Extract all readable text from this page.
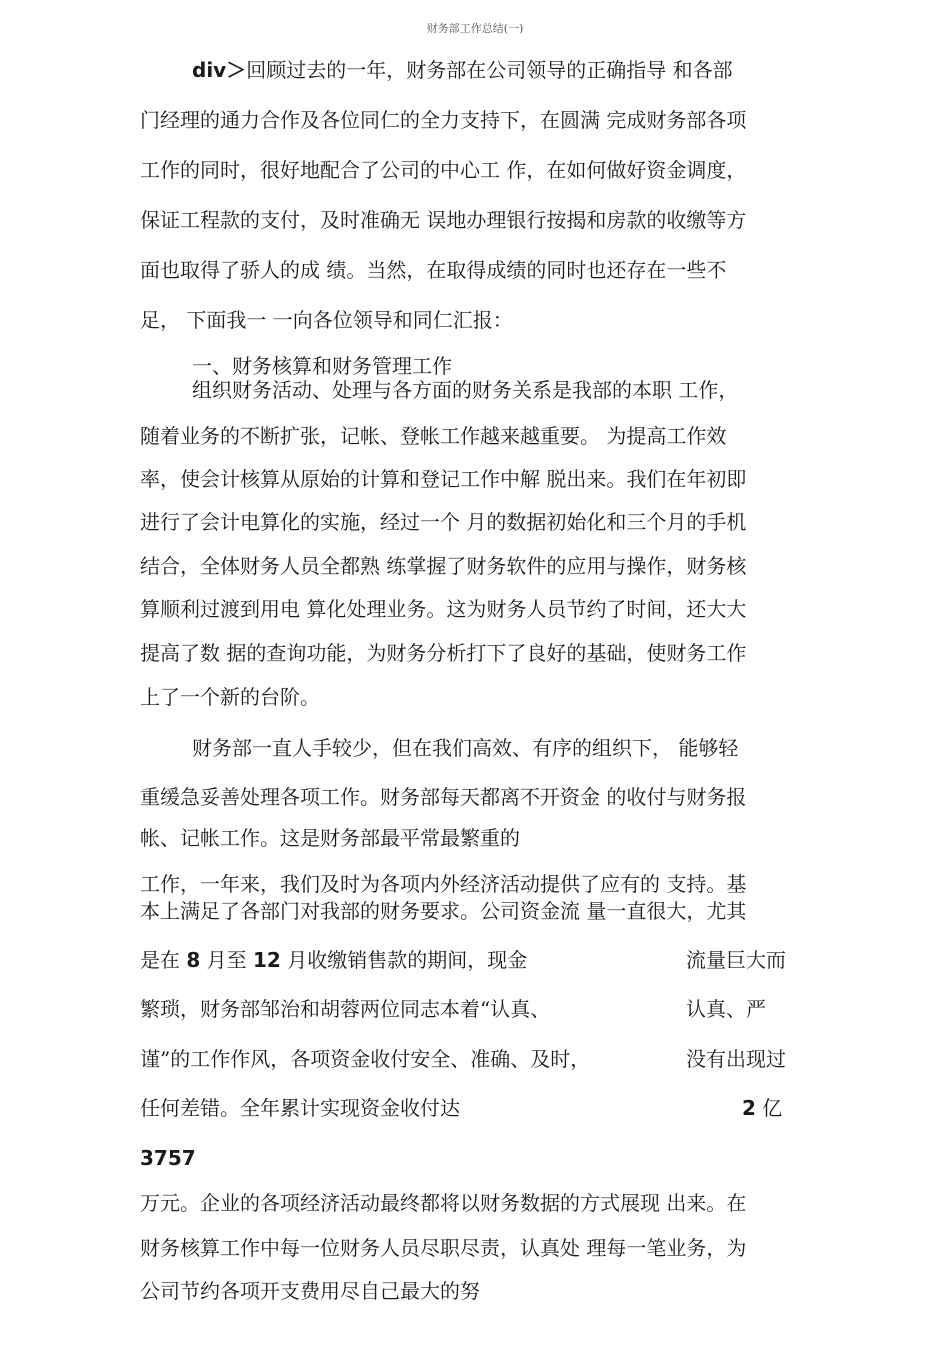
财务部工作总结(一)

div＞回顾过去的一年，财务部在公司领导的正确指导 和各部

门经理的通力合作及各位同仁的全力支持下，在圆满 完成财务部各项

工作的同时，很好地配合了公司的中心工 作，在如何做好资金调度，

保证工程款的支付，及时准确无 误地办理银行按揭和房款的收缴等方

面也取得了骄人的成 绩。当然，在取得成绩的同时也还存在一些不

足， 下面我一 一向各位领导和同仁汇报：

一、财务核算和财务管理工作

组织财务活动、处理与各方面的财务关系是我部的本职 工作，

随着业务的不断扩张，记帐、登帐工作越来越重要。 为提高工作效

率，使会计核算从原始的计算和登记工作中解 脱出来。我们在年初即

进行了会计电算化的实施，经过一个 月的数据初始化和三个月的手机

结合，全体财务人员全都熟 练掌握了财务软件的应用与操作，财务核

算顺利过渡到用电 算化处理业务。这为财务人员节约了时间，还大大

提高了数 据的查询功能，为财务分析打下了良好的基础，使财务工作

上了一个新的台阶。

财务部一直人手较少，但在我们高效、有序的组织下， 能够轻

重缓急妥善处理各项工作。财务部每天都离不开资金 的收付与财务报

帐、记帐工作。这是财务部最平常最繁重的

工作，一年来，我们及时为各项内外经济活动提供了应有的 支持。基

本上满足了各部门对我部的财务要求。公司资金流 量一直很大，尤其

是在 8 月至 12 月收缴销售款的期间，现金	流量巨大而

繁琐，财务部邹治和胡蓉两位同志本着“认真、	认真、严

谨”的工作作风，各项资金收付安全、准确、及时，	没有出现过

任何差错。全年累计实现资金收付达	2 亿

3757

万元。企业的各项经济活动最终都将以财务数据的方式展现 出来。在

财务核算工作中每一位财务人员尽职尽责，认真处 理每一笔业务，为

公司节约各项开支费用尽自己最大的努
